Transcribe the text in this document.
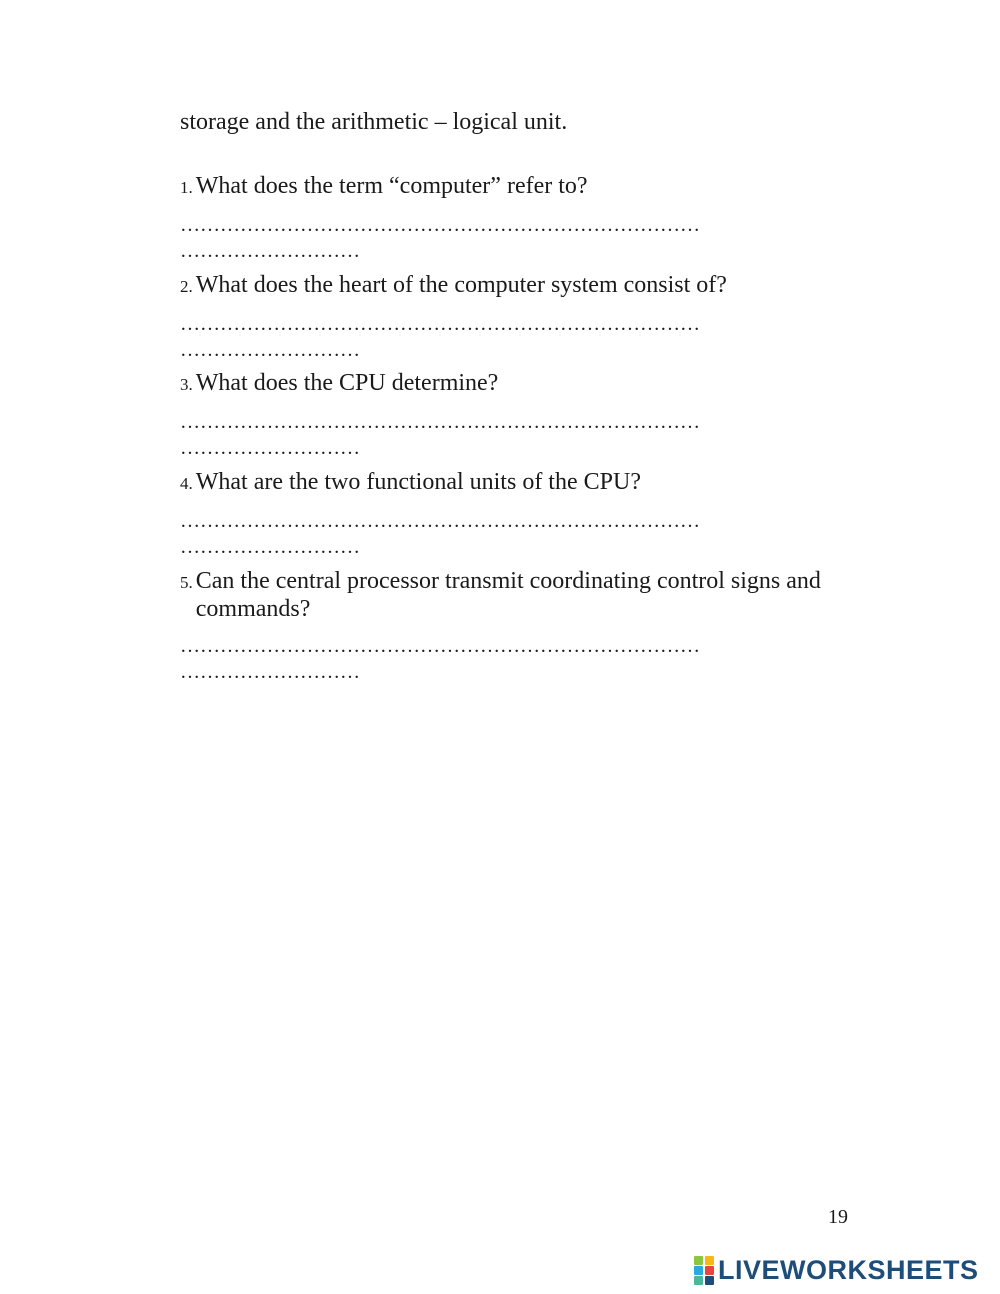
storage and the arithmetic – logical unit.
1. What does the term “computer” refer to?
……………………………………………………………………
………………………
2. What does the heart of the computer system consist of?
……………………………………………………………………
………………………
3. What does the CPU determine?
……………………………………………………………………
………………………
4. What are the two functional units of the CPU?
……………………………………………………………………
………………………
5. Can the central processor transmit coordinating control signs and commands?
……………………………………………………………………
………………………
19
LIVEWORKSHEETS
